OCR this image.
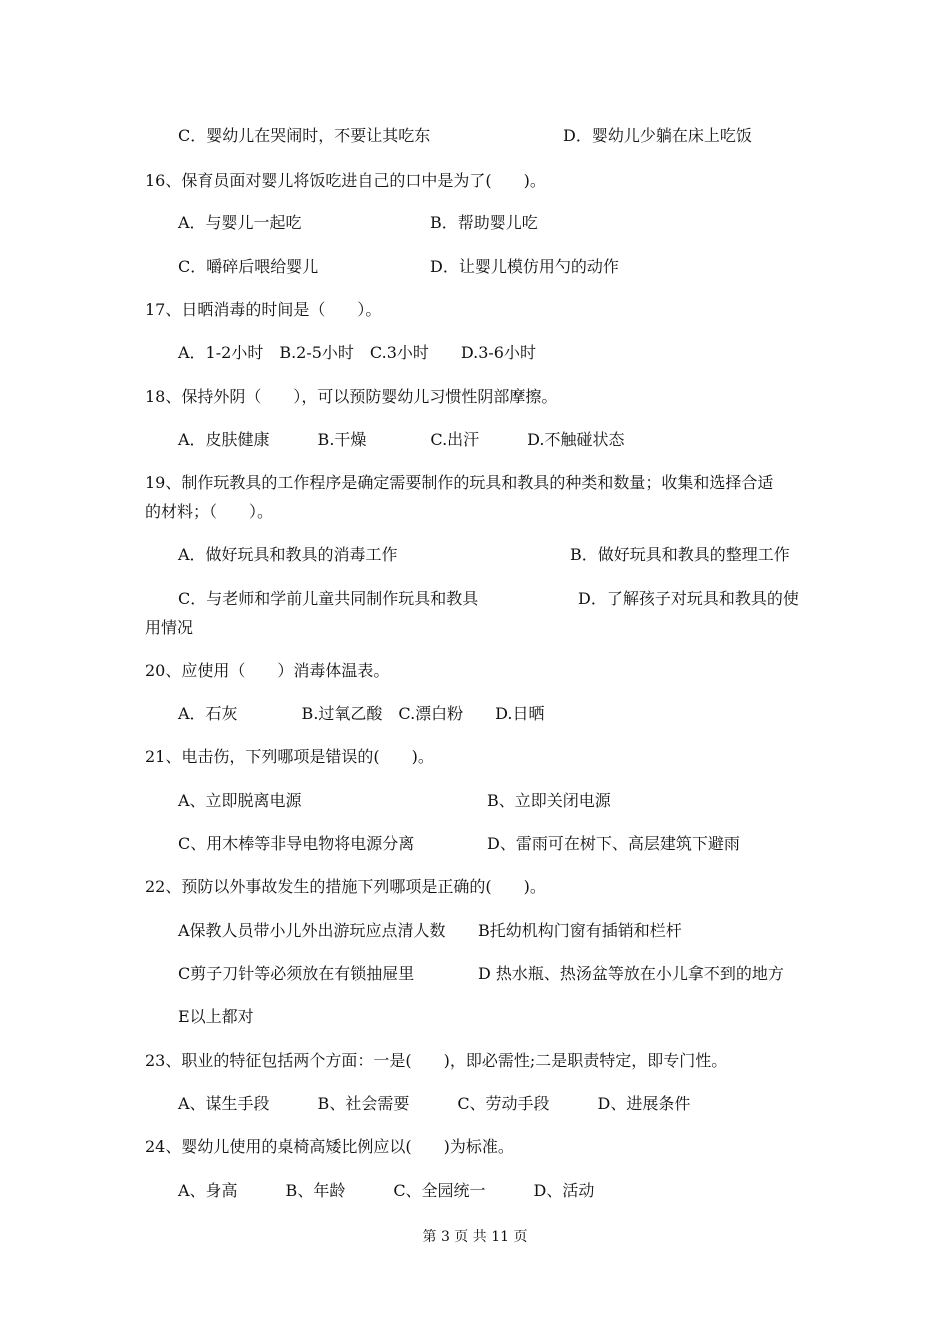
C．婴幼儿在哭闹时，不要让其吃东	D．婴幼儿少躺在床上吃饭
16、保育员面对婴儿将饭吃进自己的口中是为了(　　)。
A．与婴儿一起吃	B．帮助婴儿吃
C．嚼碎后喂给婴儿	D．让婴儿模仿用勺的动作
17、日晒消毒的时间是（　　）。
A．1-2小时　B.2-5小时　C.3小时　　D.3-6小时
18、保持外阴（　　），可以预防婴幼儿习惯性阴部摩擦。
A．皮肤健康　　　B.干燥　　　　C.出汗　　　D.不触碰状态
19、制作玩教具的工作程序是确定需要制作的玩具和教具的种类和数量；收集和选择合适
的材料；（　　）。
A．做好玩具和教具的消毒工作	B．做好玩具和教具的整理工作
C．与老师和学前儿童共同制作玩具和教具	D．了解孩子对玩具和教具的使
用情况
20、应使用（　　）消毒体温表。
A．石灰　　　　B.过氧乙酸　C.漂白粉　　D.日晒
21、电击伤，下列哪项是错误的(　　)。
A、立即脱离电源	B、立即关闭电源
C、用木棒等非导电物将电源分离	D、雷雨可在树下、高层建筑下避雨
22、预防以外事故发生的措施下列哪项是正确的(　　)。
A保教人员带小儿外出游玩应点清人数 B托幼机构门窗有插销和栏杆
C剪子刀针等必须放在有锁抽屉里	D 热水瓶、热汤盆等放在小儿拿不到的地方
E以上都对
23、职业的特征包括两个方面：一是(　　)，即必需性;二是职责特定，即专门性。
A、谋生手段　　　B、社会需要　　　C、劳动手段　　　D、进展条件
24、婴幼儿使用的桌椅高矮比例应以(　　)为标准。
A、身高　　　B、年龄　　　C、全园统一　　　D、活动
第 3 页 共 11 页
